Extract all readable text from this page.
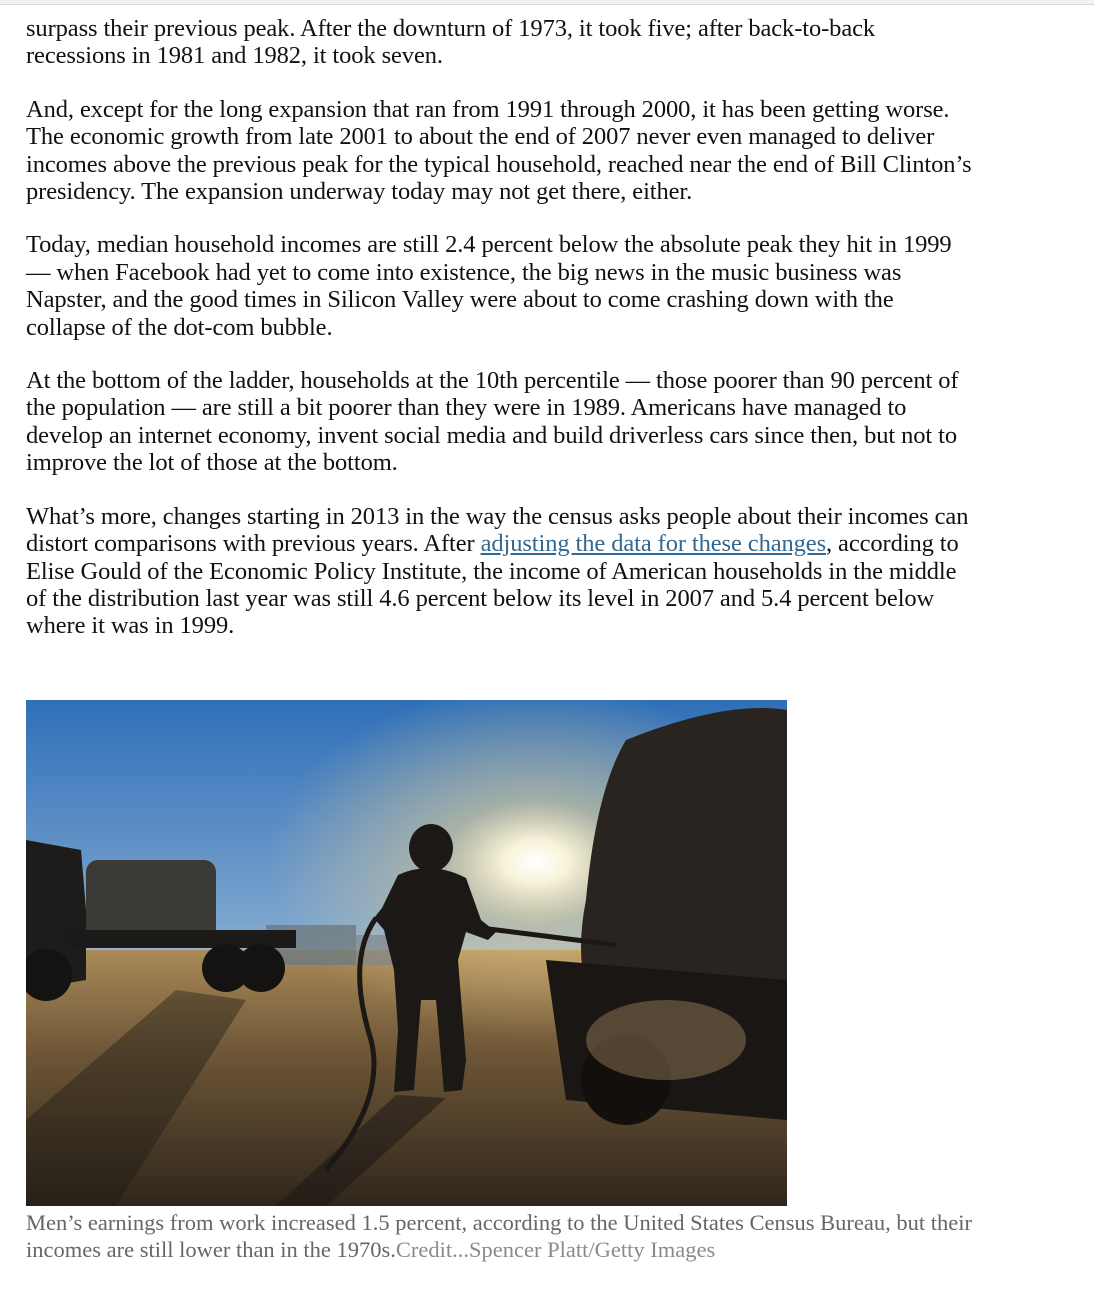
surpass their previous peak. After the downturn of 1973, it took five; after back-to-back recessions in 1981 and 1982, it took seven.

And, except for the long expansion that ran from 1991 through 2000, it has been getting worse. The economic growth from late 2001 to about the end of 2007 never even managed to deliver incomes above the previous peak for the typical household, reached near the end of Bill Clinton’s presidency. The expansion underway today may not get there, either.

Today, median household incomes are still 2.4 percent below the absolute peak they hit in 1999 — when Facebook had yet to come into existence, the big news in the music business was Napster, and the good times in Silicon Valley were about to come crashing down with the collapse of the dot-com bubble.

At the bottom of the ladder, households at the 10th percentile — those poorer than 90 percent of the population — are still a bit poorer than they were in 1989. Americans have managed to develop an internet economy, invent social media and build driverless cars since then, but not to improve the lot of those at the bottom.

What’s more, changes starting in 2013 in the way the census asks people about their incomes can distort comparisons with previous years. After adjusting the data for these changes, according to Elise Gould of the Economic Policy Institute, the income of American households in the middle of the distribution last year was still 4.6 percent below its level in 2007 and 5.4 percent below where it was in 1999.

Men’s earnings from work increased 1.5 percent, according to the United States Census Bureau, but their incomes are still lower than in the 1970s.Credit...Spencer Platt/Getty Images
